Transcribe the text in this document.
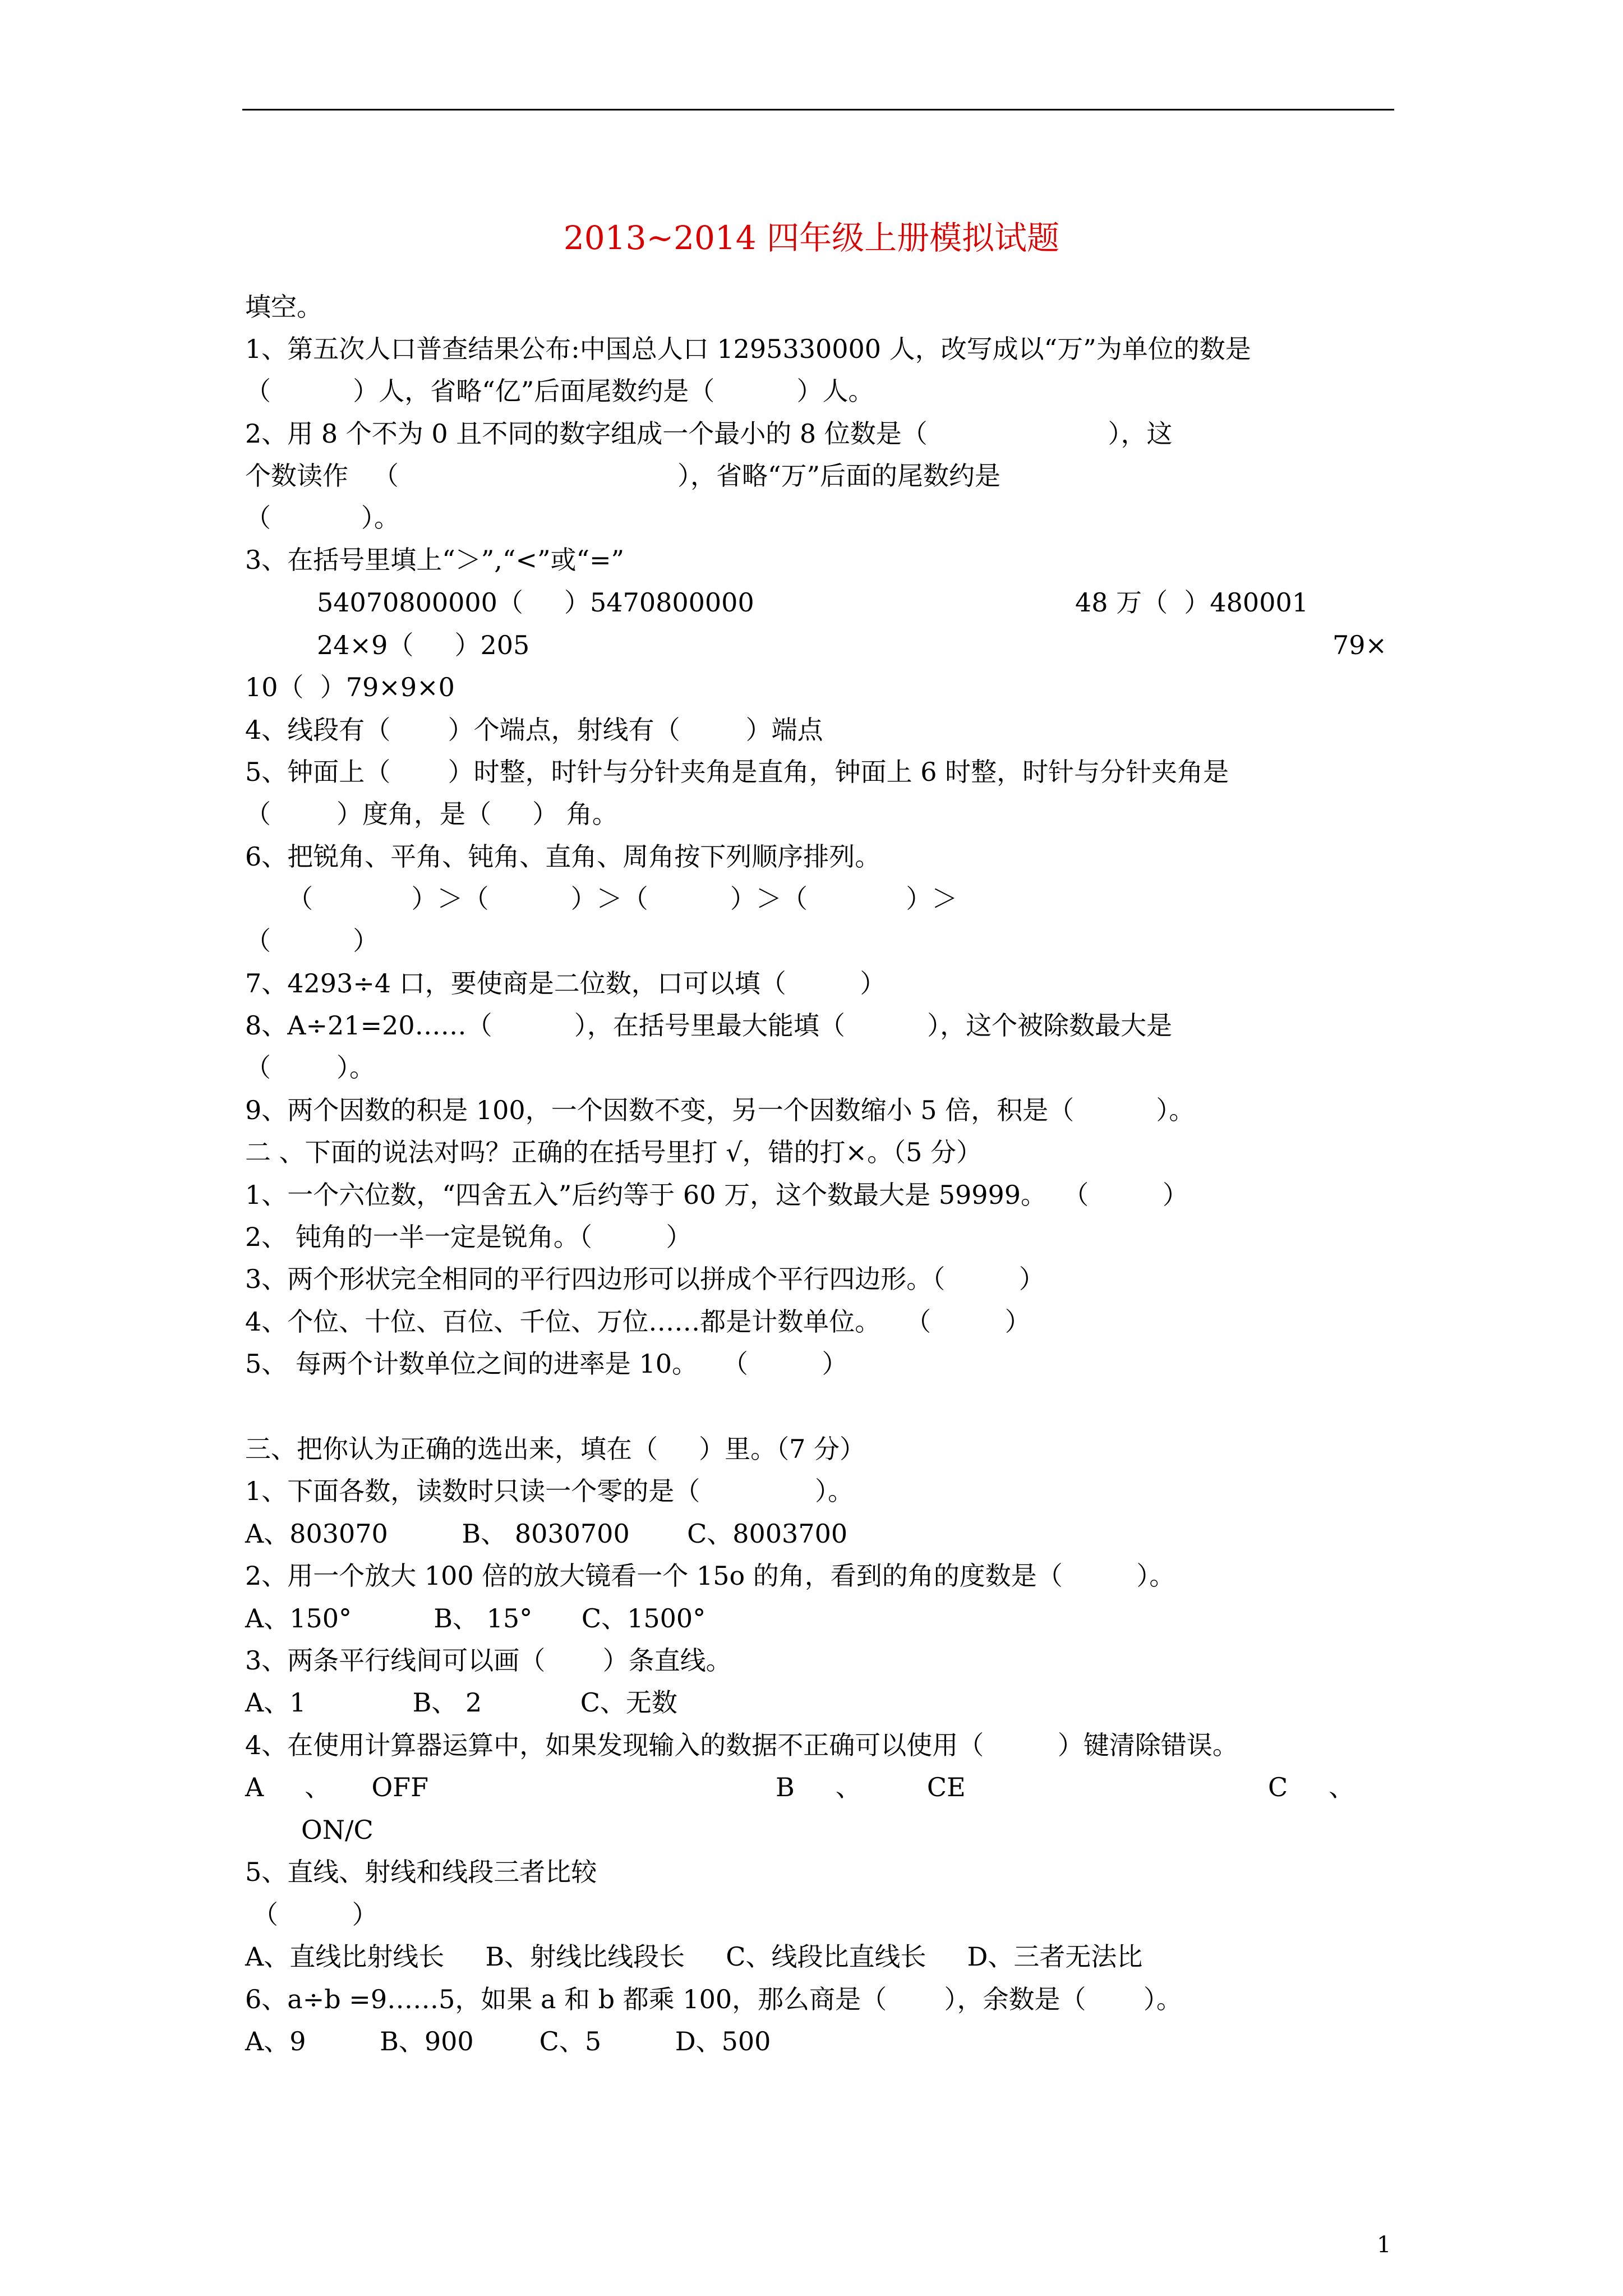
2013~2014 四年级上册模拟试题
填空。
1、第五次人口普查结果公布:中国总人口 1295330000 人，改写成以“万”为单位的数是
（          ）人，省略“亿”后面尾数约是（          ）人。
2、用 8 个不为 0 且不同的数字组成一个最小的 8 位数是（                      ），这
个数读作   （                                  ），省略“万”后面的尾数约是
（           ）。
3、在括号里填上“＞”,“<”或“=”
54070800000（     ）5470800000	48 万（  ）480001
24×9（     ）205	79×
10（  ）79×9×0
4、线段有（       ）个端点，射线有（        ）端点
5、钟面上（       ）时整，时针与分针夹角是直角，钟面上 6 时整，时针与分针夹角是
（        ）度角，是（     ） 角。
6、把锐角、平角、钝角、直角、周角按下列顺序排列。
（            ）＞（          ）＞（          ）＞（            ）＞
（          ）
7、4293÷4 口，要使商是二位数，口可以填（         ）
8、A÷21=20……（          ），在括号里最大能填（          ），这个被除数最大是
（        ）。
9、两个因数的积是 100，一个因数不变，另一个因数缩小 5 倍，积是（          ）。
二 、下面的说法对吗？正确的在括号里打 √，错的打×。（5 分）
1、一个六位数，“四舍五入”后约等于 60 万，这个数最大是 59999。  （         ）
2、 钝角的一半一定是锐角。（         ）
3、两个形状完全相同的平行四边形可以拼成个平行四边形。（         ）
4、个位、十位、百位、千位、万位……都是计数单位。   （         ）
5、 每两个计数单位之间的进率是 10。   （         ）
三、把你认为正确的选出来，填在（     ）里。（7 分）
1、下面各数，读数时只读一个零的是（              ）。
A、803070         B、 8030700       C、8003700
2、用一个放大 100 倍的放大镜看一个 15o 的角，看到的角的度数是（         ）。
A、150°          B、 15°      C、1500°
3、两条平行线间可以画（       ）条直线。
A、1             B、 2            C、无数
4、在使用计算器运算中，如果发现输入的数据不正确可以使用（         ）键清除错误。
A     、     OFF	B     、        CE	C     、
ON/C
5、直线、射线和线段三者比较
（         ）
A、直线比射线长     B、射线比线段长     C、线段比直线长     D、三者无法比
6、a÷b =9……5，如果 a 和 b 都乘 100，那么商是（       ），余数是（       ）。
A、9         B、900        C、5         D、500
1
